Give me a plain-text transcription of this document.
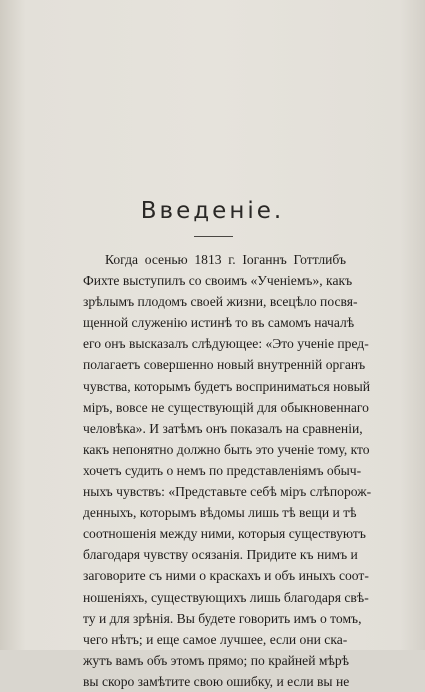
Введенiе.
Когда осенью 1813 г. Iоганнъ Готтлибъ
Фихте выступилъ со своимъ «Ученiемъ», какъ
зрѣлымъ плодомъ своей жизни, всецѣло посвя-
щенной служенiю истинѣ то въ самомъ началѣ
его онъ высказалъ слѣдующее: «Это ученiе пред-
полагаетъ совершенно новый внутреннiй органъ
чувства, которымъ будетъ восприниматься новый
мiръ, вовсе не существующiй для обыкновеннаго
человѣка». И затѣмъ онъ показалъ на сравненiи,
какъ непонятно должно быть это ученiе тому, кто
хочетъ судить о немъ по представленiямъ обыч-
ныхъ чувствъ: «Представьте себѣ мiръ слѣпорож-
денныхъ, которымъ вѣдомы лишь тѣ вещи и тѣ
соотношенiя между ними, которыя существуютъ
благодаря чувству осязанiя. Придите къ нимъ и
заговорите съ ними о краскахъ и объ иныхъ соот-
ношенiяхъ, существующихъ лишь благодаря свѣ-
ту и для зрѣнiя. Вы будете говорить имъ о томъ,
чего нѣтъ; и еще самое лучшее, если они ска-
жутъ вамъ объ этомъ прямо; по крайней мѣрѣ
вы скоро замѣтите свою ошибку, и если вы не
